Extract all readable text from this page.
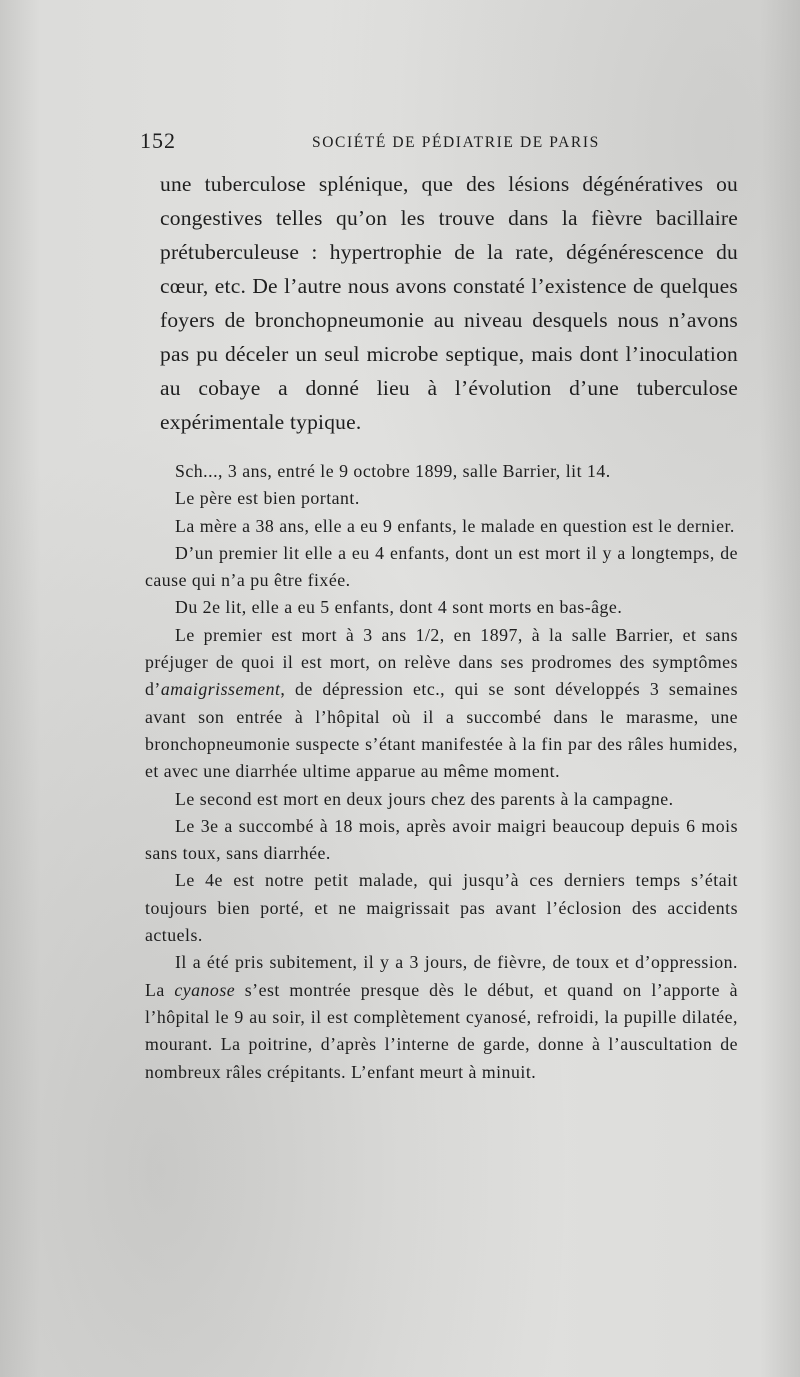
152	SOCIÉTÉ DE PÉDIATRIE DE PARIS

une tuberculose splénique, que des lésions dégénératives ou congestives telles qu’on les trouve dans la fièvre bacillaire prétuberculeuse : hypertrophie de la rate, dégénérescence du cœur, etc. De l’autre nous avons constaté l’existence de quelques foyers de bronchopneumonie au niveau desquels nous n’avons pas pu déceler un seul microbe septique, mais dont l’inoculation au cobaye a donné lieu à l’évolution d’une tuberculose expérimentale typique.

Sch..., 3 ans, entré le 9 octobre 1899, salle Barrier, lit 14.

Le père est bien portant.

La mère a 38 ans, elle a eu 9 enfants, le malade en question est le dernier.

D’un premier lit elle a eu 4 enfants, dont un est mort il y a longtemps, de cause qui n’a pu être fixée.

Du 2e lit, elle a eu 5 enfants, dont 4 sont morts en bas-âge.

Le premier est mort à 3 ans 1/2, en 1897, à la salle Barrier, et sans préjuger de quoi il est mort, on relève dans ses prodromes des symptômes d’amaigrissement, de dépression etc., qui se sont développés 3 semaines avant son entrée à l’hôpital où il a succombé dans le marasme, une bronchopneumonie suspecte s’étant manifestée à la fin par des râles humides, et avec une diarrhée ultime apparue au même moment.

Le second est mort en deux jours chez des parents à la campagne.

Le 3e a succombé à 18 mois, après avoir maigri beaucoup depuis 6 mois sans toux, sans diarrhée.

Le 4e est notre petit malade, qui jusqu’à ces derniers temps s’était toujours bien porté, et ne maigrissait pas avant l’éclosion des accidents actuels.

Il a été pris subitement, il y a 3 jours, de fièvre, de toux et d’oppression. La cyanose s’est montrée presque dès le début, et quand on l’apporte à l’hôpital le 9 au soir, il est complètement cyanosé, refroidi, la pupille dilatée, mourant. La poitrine, d’après l’interne de garde, donne à l’auscultation de nombreux râles crépitants. L’enfant meurt à minuit.
